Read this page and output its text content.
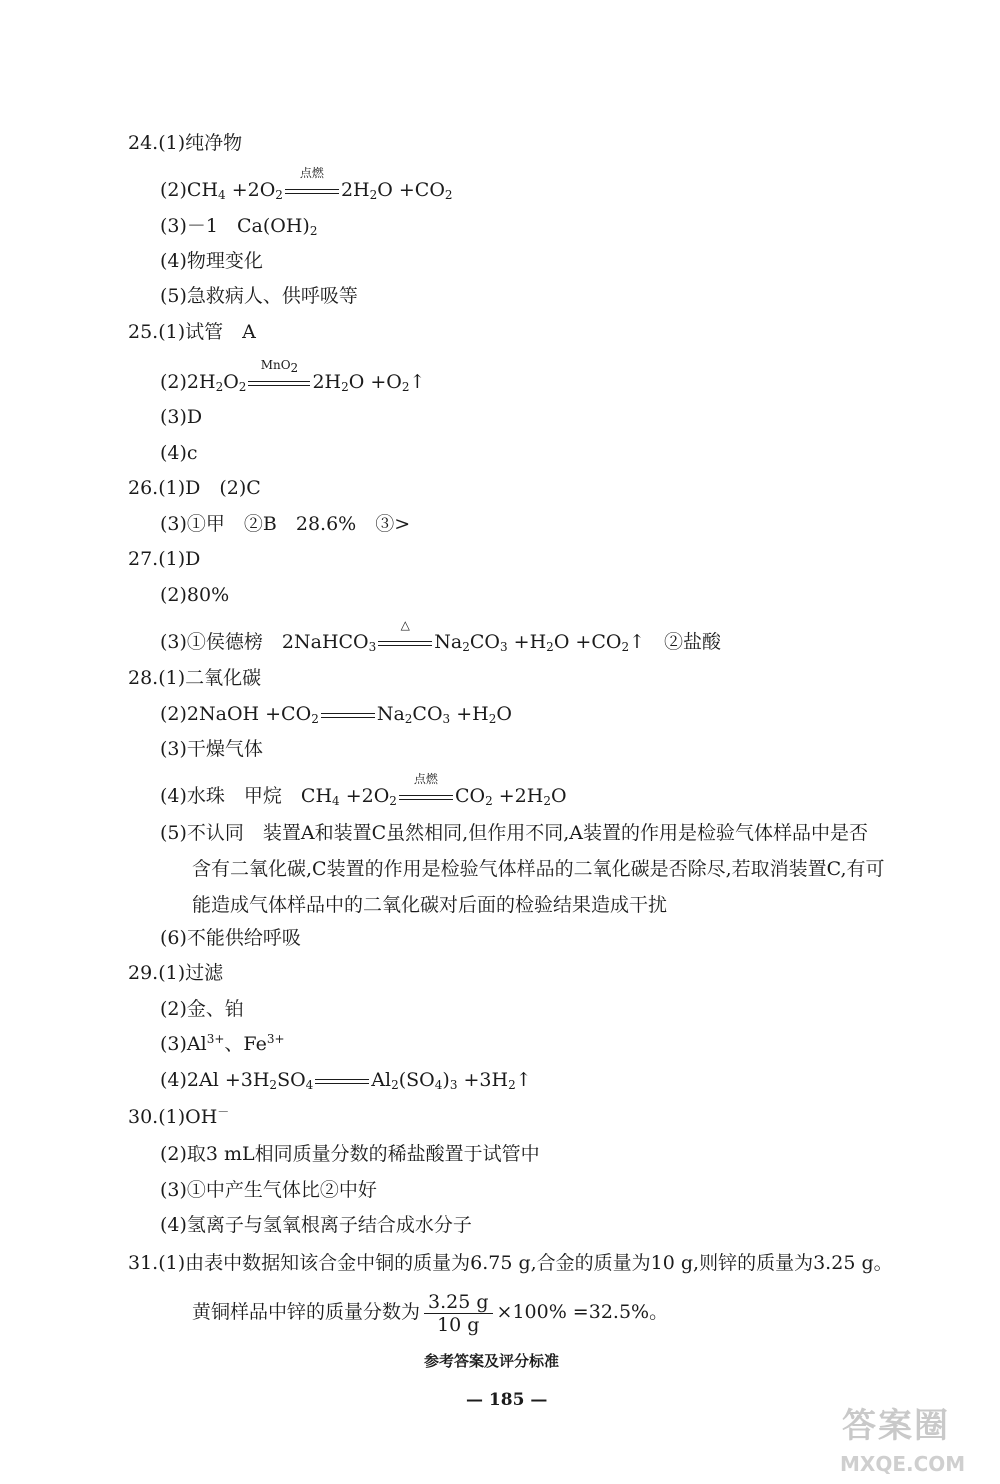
24.(1)纯净物
$(2)CH_4 +2O_2$
点燃
$2H_2O +CO_2$
(3)－1　$Ca(OH)_2$
(4)物理变化
(5)急救病人、供呼吸等
25.(1)试管　A
$(2)2H_2O_2$
MnO$_2$
$2H_2O$ $+O_2↑$
(3)D
(4)c
26.(1)D　(2)C
(3)①甲　②B　28.6%　③>
27.(1)D
(2)80%
(3)①侯德榜　2NaHCO$_3$
△
$Na_2CO_3 +H_2O$ $+CO_2↑$　②盐酸
28.(1)二氧化碳
(2)2NaOH $+CO_2$	$Na_2CO_3 +H_2O$
(3)干燥气体
(4)水珠　甲烷　$CH_4 +2O_2$
点燃
$CO_2 +2H_2O$
(5)不认同　装置A和装置C虽然相同,但作用不同,A装置的作用是检验气体样品中是否
含有二氧化碳,C装置的作用是检验气体样品的二氧化碳是否除尽,若取消装置C,有可
能造成气体样品中的二氧化碳对后面的检验结果造成干扰
(6)不能供给呼吸
29.(1)过滤
(2)金、铂
$(3)Al^{3+}$、$Fe^{3+}$
$(4)2Al +3H_2SO_4$	$Al_2(SO_4)_3$ $+3H_2↑$
30.(1)OH－
(2)取3 mL相同质量分数的稀盐酸置于试管中
(3)①中产生气体比②中好
(4)氢离子与氢氧根离子结合成水分子
31.(1)由表中数据知该合金中铜的质量为6.75 g,合金的质量为10 g,则锌的质量为3.25 g。
黄铜样品中锌的质量分数为 $\frac{3.25 g}{10 g} \times 100\% =32.5\%$。
参考答案及评分标准
— 185 —
答案圈
MXQE.COM
